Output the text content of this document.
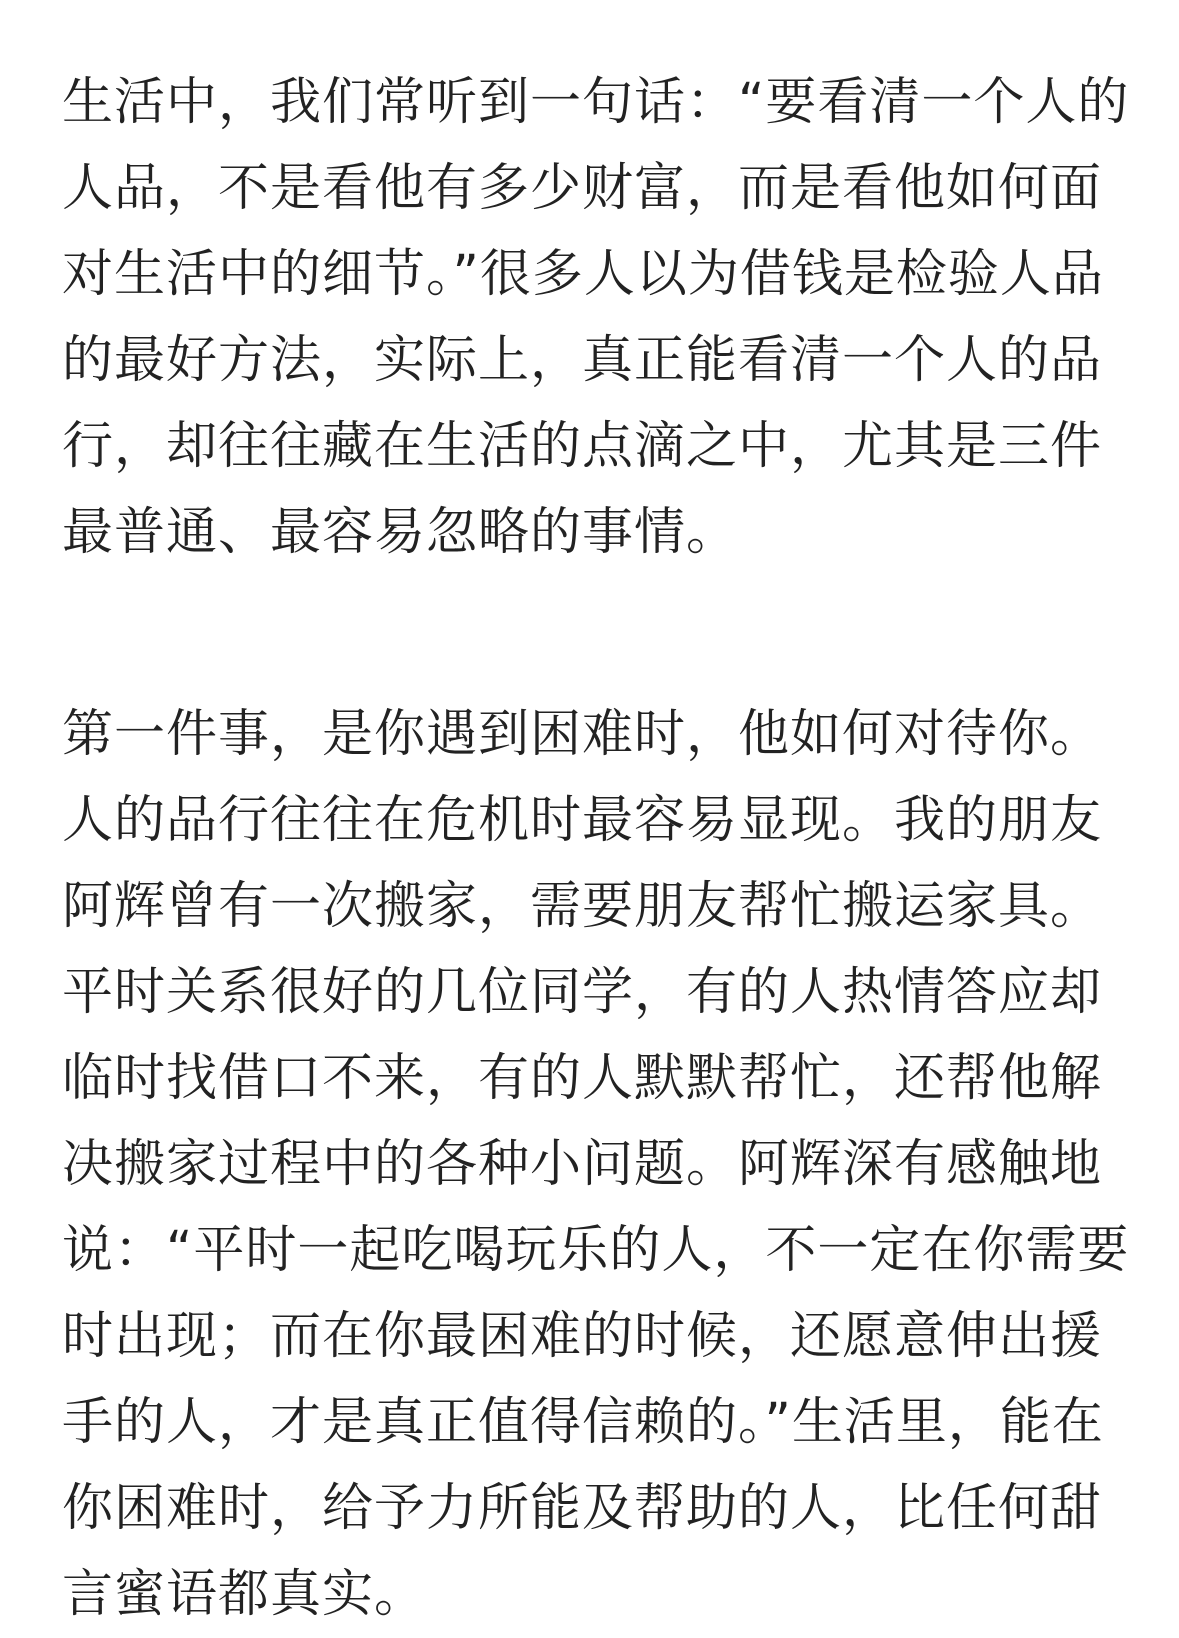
生活中，我们常听到一句话：“要看清一个人的
人品，不是看他有多少财富，而是看他如何面
对生活中的细节。”很多人以为借钱是检验人品
的最好方法，实际上，真正能看清一个人的品
行，却往往藏在生活的点滴之中，尤其是三件
最普通、最容易忽略的事情。
第一件事，是你遇到困难时，他如何对待你。
人的品行往往在危机时最容易显现。我的朋友
阿辉曾有一次搬家，需要朋友帮忙搬运家具。
平时关系很好的几位同学，有的人热情答应却
临时找借口不来，有的人默默帮忙，还帮他解
决搬家过程中的各种小问题。阿辉深有感触地
说：“平时一起吃喝玩乐的人，不一定在你需要
时出现；而在你最困难的时候，还愿意伸出援
手的人，才是真正值得信赖的。”生活里，能在
你困难时，给予力所能及帮助的人，比任何甜
言蜜语都真实。
